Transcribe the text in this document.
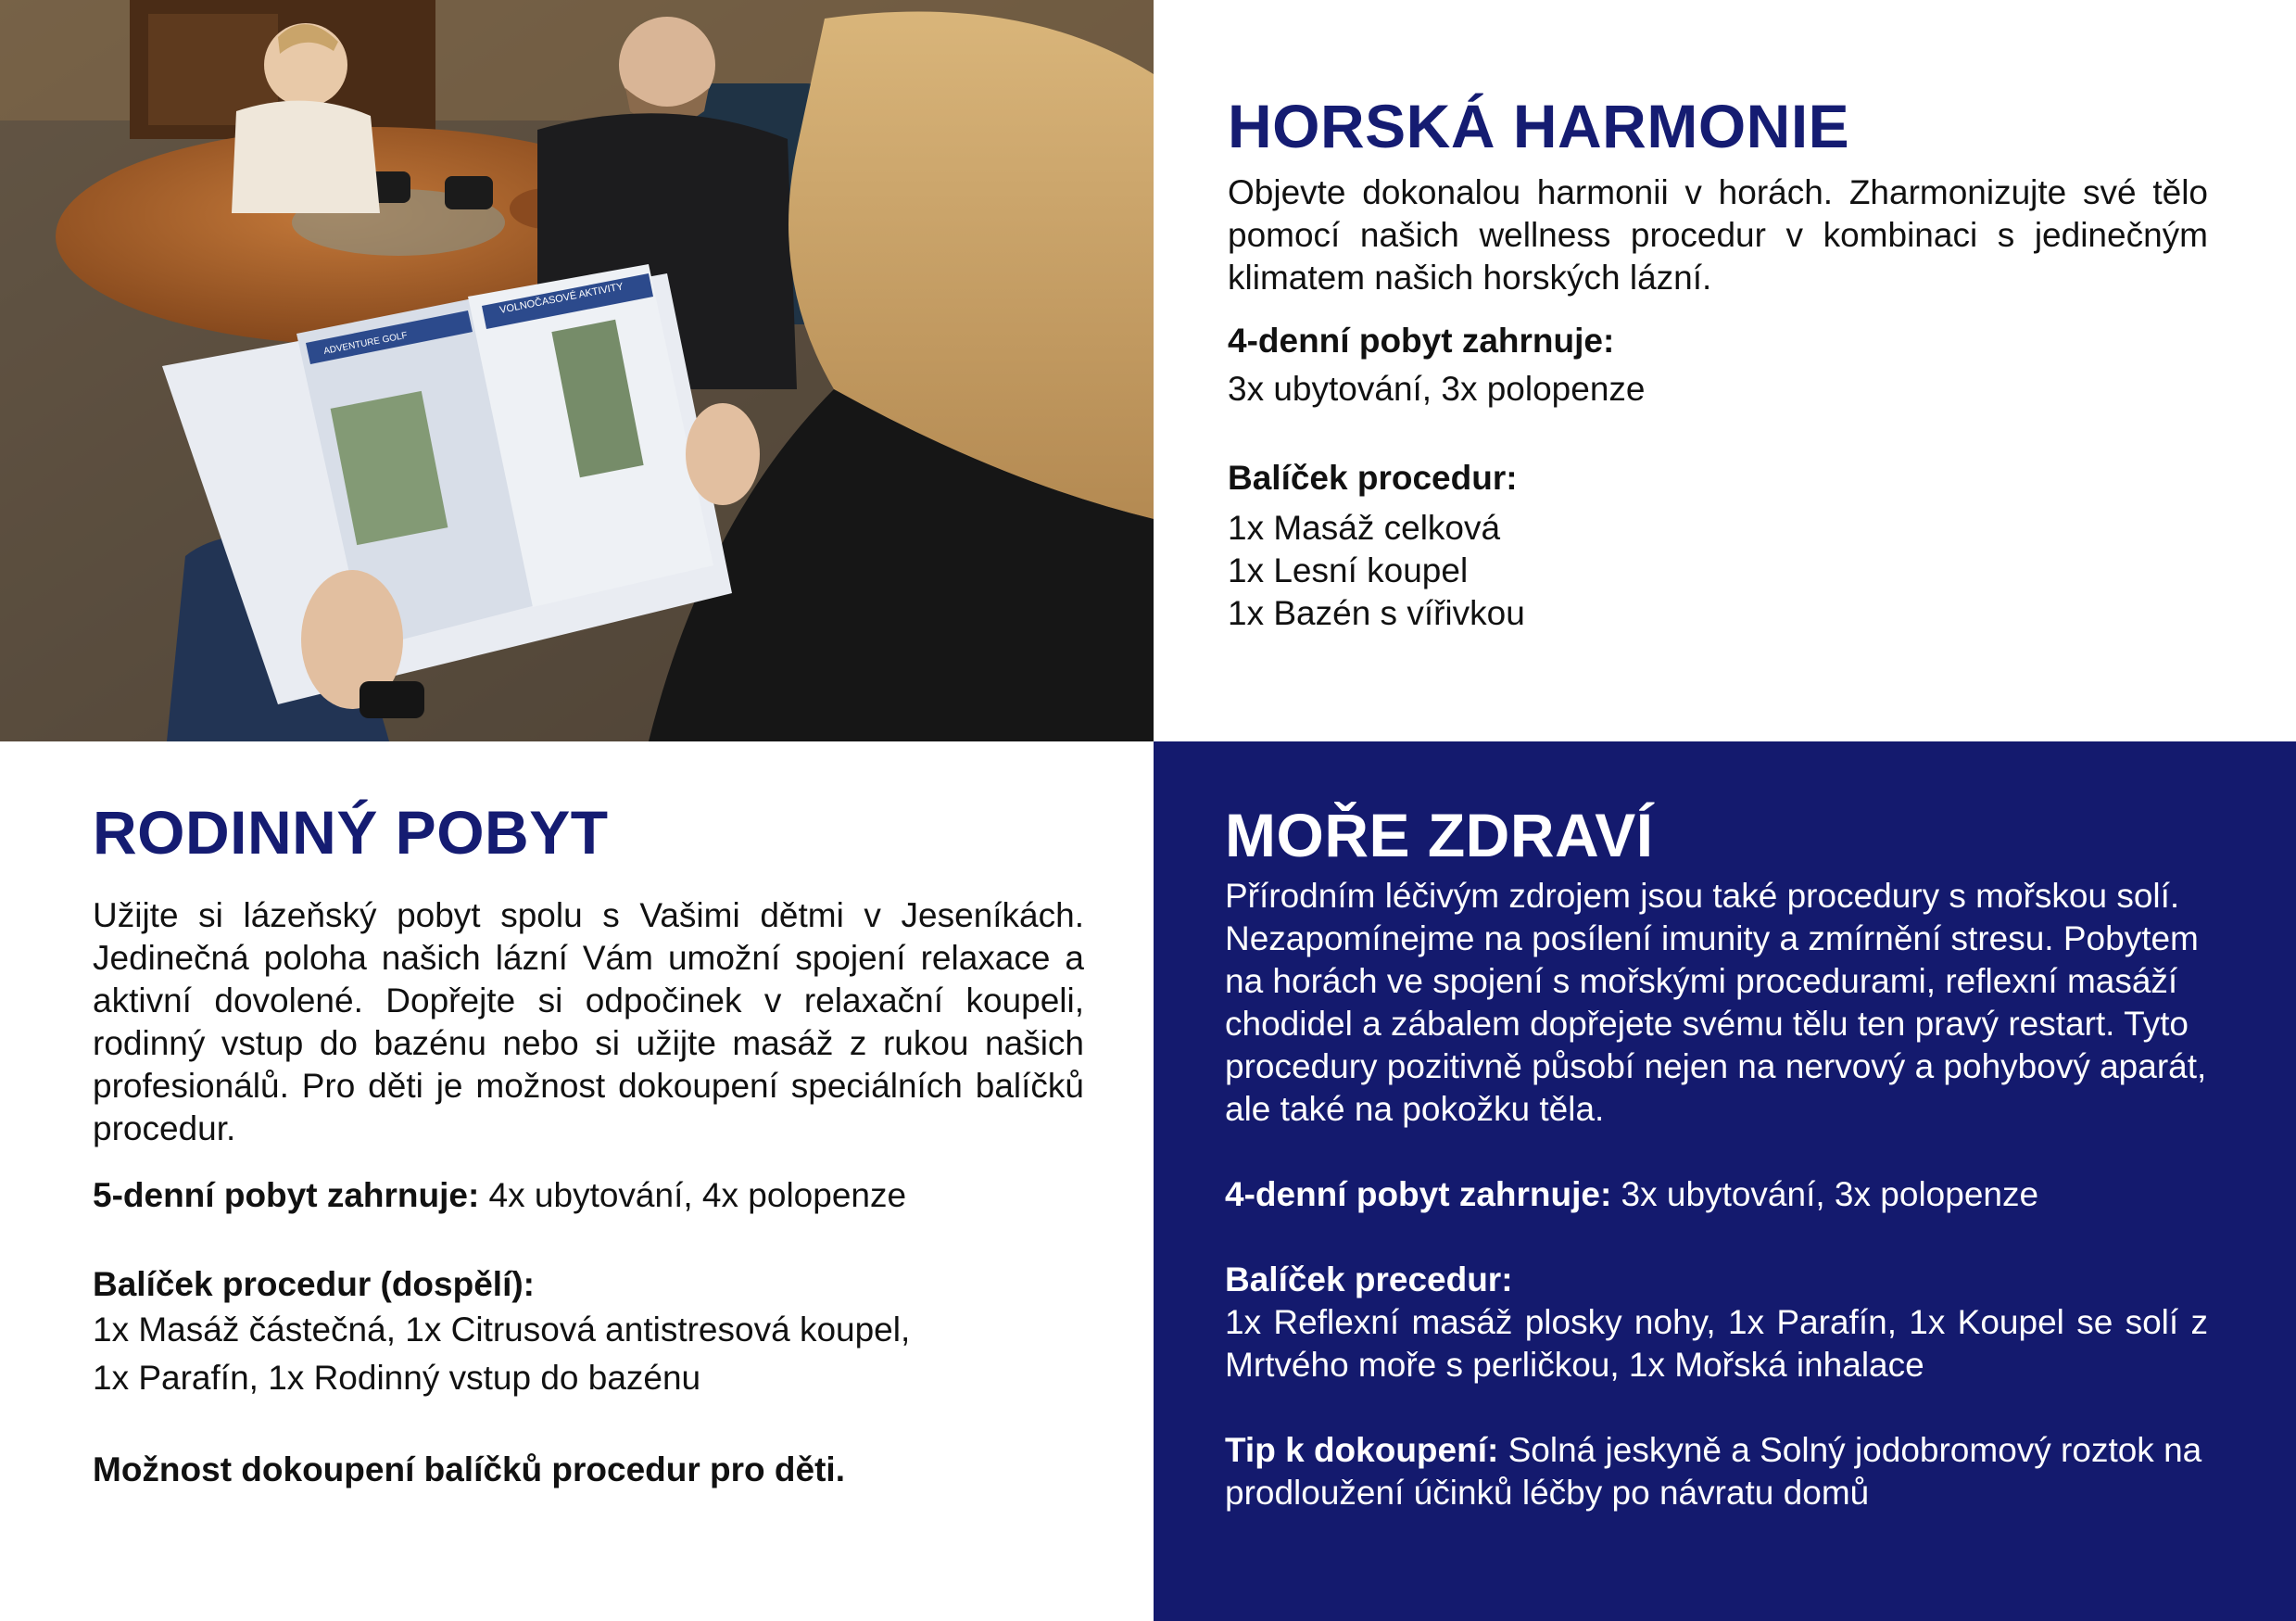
VOLNOČASOVÉ AKTIVITY
ADVENTURE GOLF
HORSKÁ HARMONIE

Objevte dokonalou harmonii v horách. Zharmonizujte své tělo pomocí našich wellness procedur v kombinaci s jedinečným klimatem našich horských lázní.

4-denní pobyt zahrnuje:

3x ubytování, 3x polopenze

Balíček procedur:

1x Masáž celková

1x Lesní koupel

1x Bazén s vířivkou

RODINNÝ POBYT

Užijte si lázeňský pobyt spolu s Vašimi dětmi v Jeseníkách. Jedinečná poloha našich lázní Vám umožní spojení relaxace a aktivní dovolené. Dopřejte si odpočinek v relaxační koupeli, rodinný vstup do bazénu nebo si užijte masáž z rukou našich profesionálů. Pro děti je možnost dokoupení speciálních balíčků procedur.

5-denní pobyt zahrnuje: 4x ubytování, 4x polopenze

Balíček procedur (dospělí):

1x Masáž částečná, 1x Citrusová antistresová koupel,

1x Parafín, 1x Rodinný vstup do bazénu

Možnost dokoupení balíčků procedur pro děti.

MOŘE ZDRAVÍ

Přírodním léčivým zdrojem jsou také procedury s mořskou solí. Nezapomínejme na posílení imunity a zmírnění stresu. Pobytem na horách ve spojení s mořskými procedurami, reflexní masáží chodidel a zábalem dopřejete svému tělu ten pravý restart. Tyto procedury pozitivně působí nejen na nervový a pohybový aparát, ale také na pokožku těla.

4-denní pobyt zahrnuje: 3x ubytování, 3x polopenze

Balíček precedur:

1x Reflexní masáž plosky nohy, 1x Parafín, 1x Koupel se solí z Mrtvého moře s perličkou, 1x Mořská inhalace

Tip k dokoupení: Solná jeskyně a Solný jodobromový roztok na prodloužení účinků léčby po návratu domů
